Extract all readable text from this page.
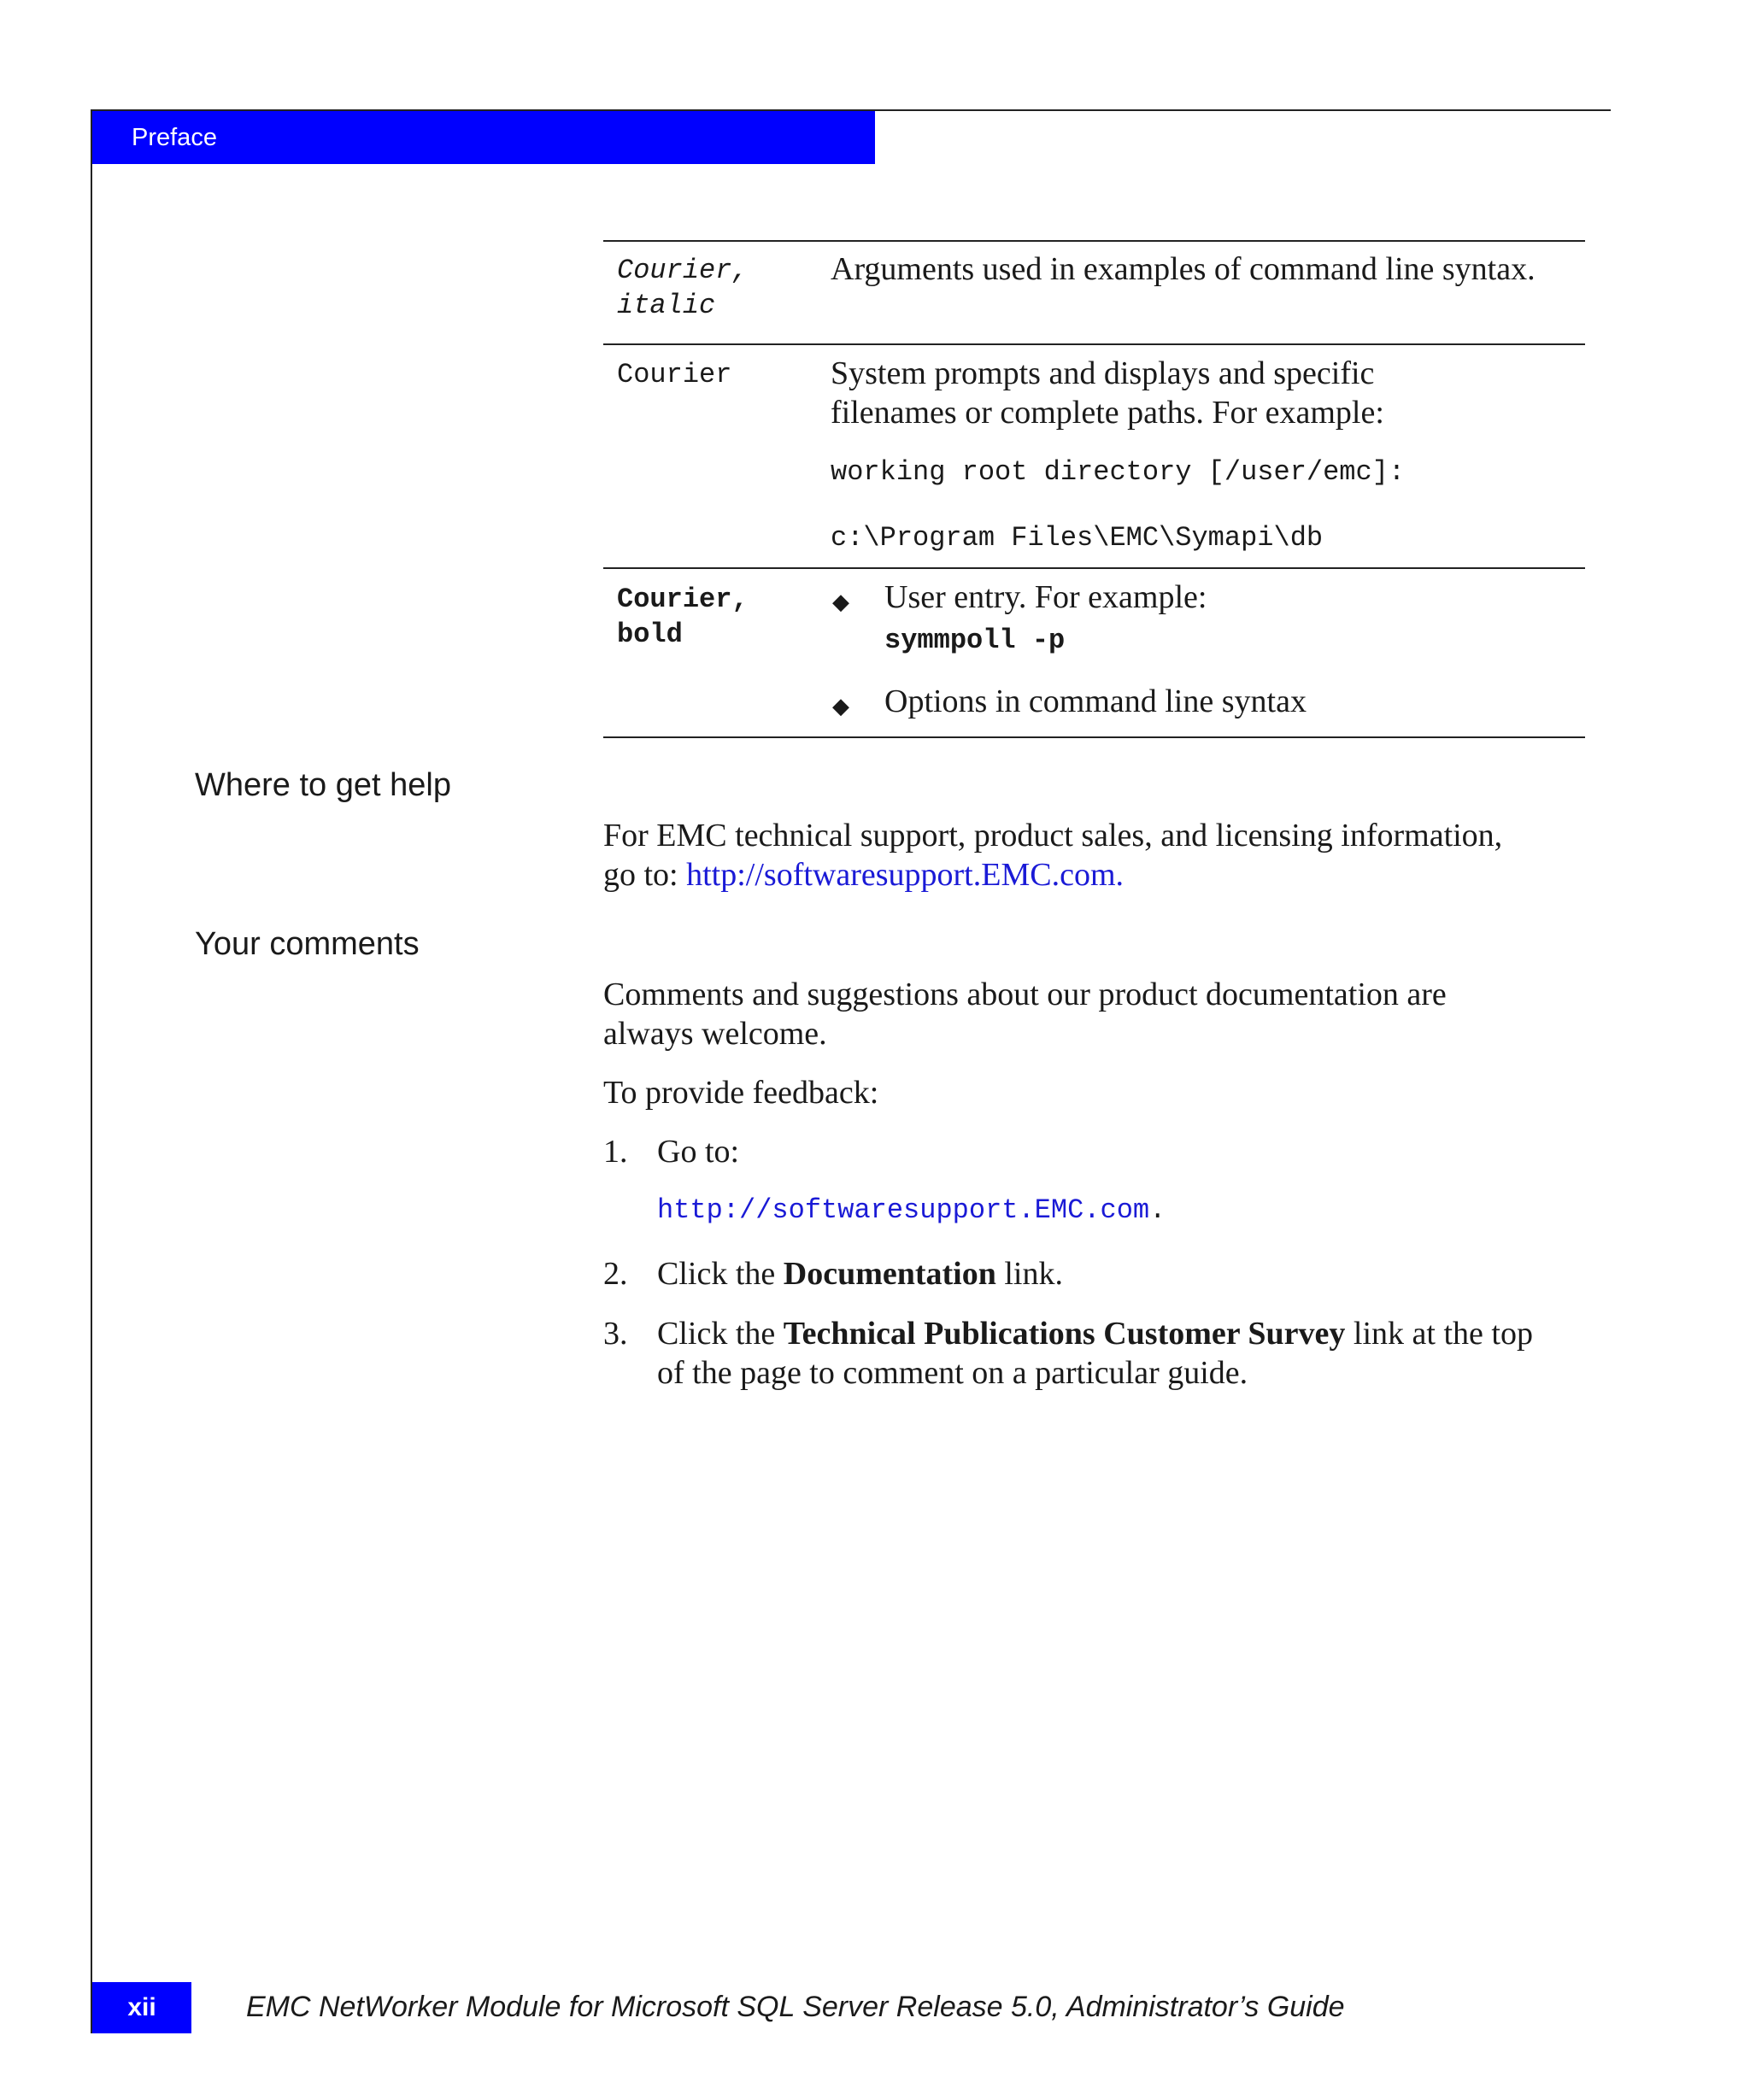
Preface
Courier,
italic
Arguments used in examples of command line syntax.
Courier	System prompts and displays and specific
filenames or complete paths. For example:
working root directory [/user/emc]:
c:\Program Files\EMC\Symapi\db
Courier,
bold
◆ User entry. For example:
symmpoll -p
◆ Options in command line syntax
Where to get help
For EMC technical support, product sales, and licensing information,
go to: http://softwaresupport.EMC.com.
Your comments
Comments and suggestions about our product documentation are
always welcome.
To provide feedback:
1. Go to:
http://softwaresupport.EMC.com.
2. Click the Documentation link.
3. Click the Technical Publications Customer Survey link at the top
of the page to comment on a particular guide.
xii	EMC NetWorker Module for Microsoft SQL Server Release 5.0, Administrator’s Guide
